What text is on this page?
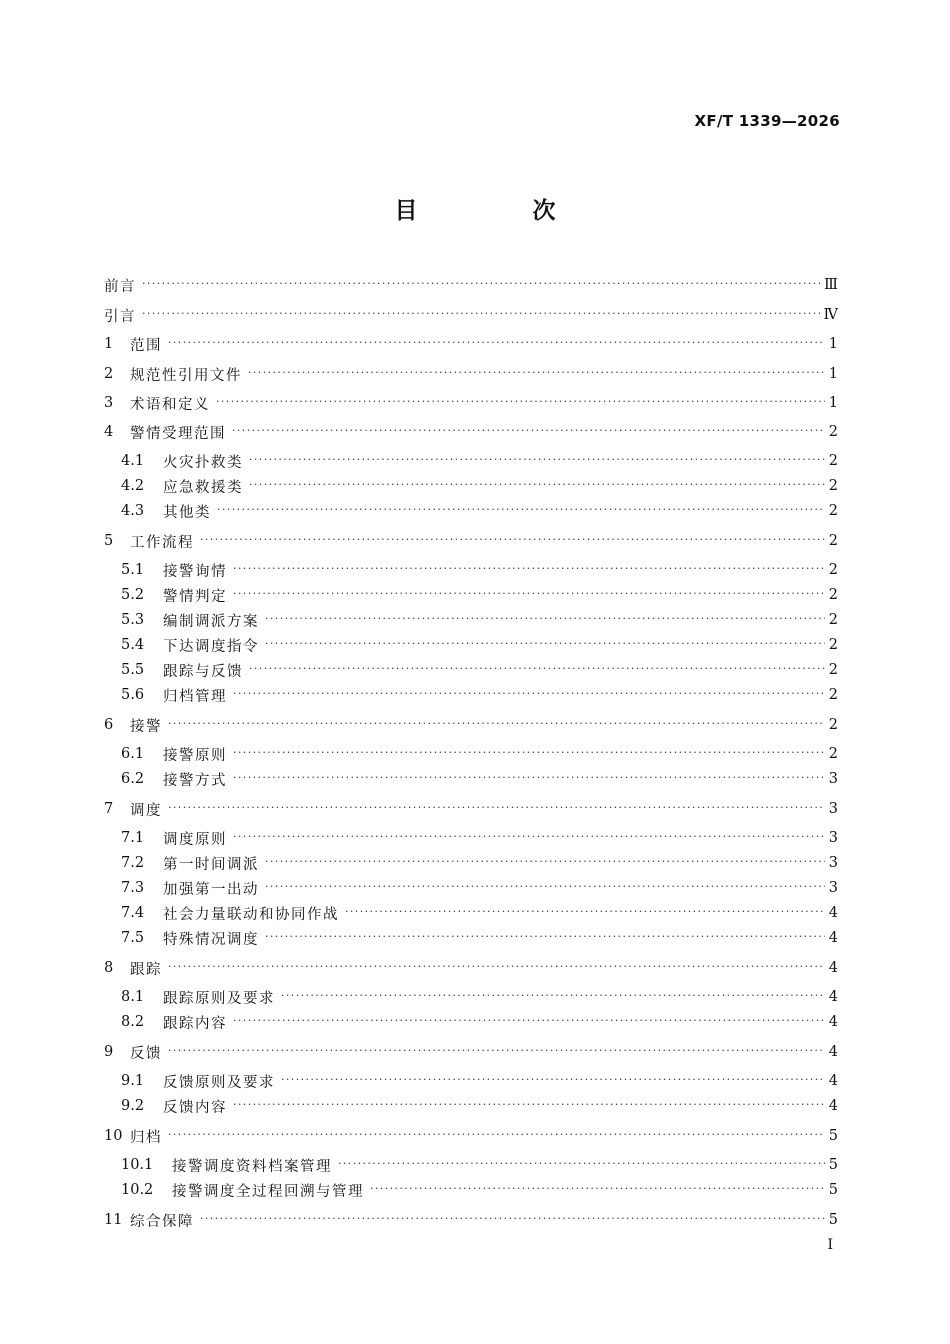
XF/T 1339—2026
目　次
前言 ·····	Ⅲ
引言 ·····	Ⅳ
1	范围 ·····	1
2	规范性引用文件 ·····	1
3	术语和定义 ·····	1
4	警情受理范围 ·····	2
4.1	火灾扑救类 ·····	2
4.2	应急救援类 ·····	2
4.3	其他类 ·····	2
5	工作流程 ·····	2
5.1	接警询情 ·····	2
5.2	警情判定 ·····	2
5.3	编制调派方案 ·····	2
5.4	下达调度指令 ·····	2
5.5	跟踪与反馈 ·····	2
5.6	归档管理 ·····	2
6	接警 ·····	2
6.1	接警原则 ·····	2
6.2	接警方式 ·····	3
7	调度 ·····	3
7.1	调度原则 ·····	3
7.2	第一时间调派 ·····	3
7.3	加强第一出动 ·····	3
7.4	社会力量联动和协同作战 ·····	4
7.5	特殊情况调度 ·····	4
8	跟踪 ·····	4
8.1	跟踪原则及要求 ·····	4
8.2	跟踪内容 ·····	4
9	反馈 ·····	4
9.1	反馈原则及要求 ·····	4
9.2	反馈内容 ·····	4
10 归档 ·····	5
10.1	接警调度资料档案管理 ·····	5
10.2	接警调度全过程回溯与管理 ·····	5
11 综合保障 ·····	5
I
